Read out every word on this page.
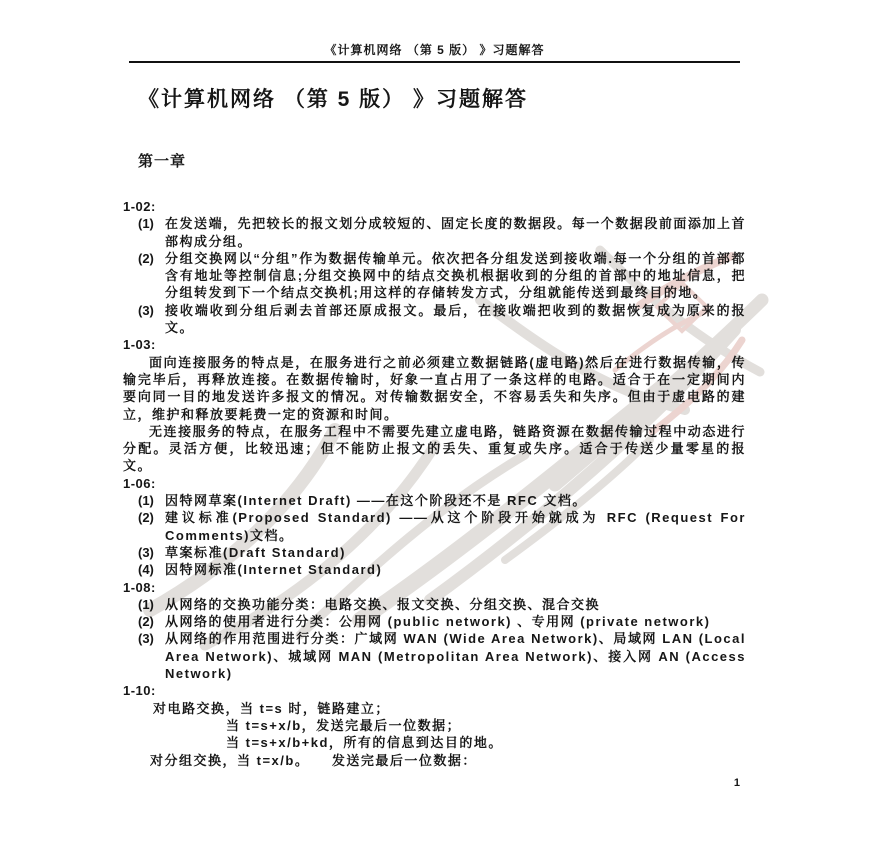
《计算机网络 （第 5 版） 》习题解答
《计算机网络 （第 5 版） 》习题解答
第一章
1-02:
(1) 在发送端，先把较长的报文划分成较短的、固定长度的数据段。每一个数据段前面添加上首部构成分组。
(2) 分组交换网以“分组”作为数据传输单元。依次把各分组发送到接收端.每一个分组的首部都含有地址等控制信息;分组交换网中的结点交换机根据收到的分组的首部中的地址信息，把分组转发到下一个结点交换机;用这样的存储转发方式，分组就能传送到最终目的地。
(3) 接收端收到分组后剥去首部还原成报文。最后，在接收端把收到的数据恢复成为原来的报文。
1-03:

面向连接服务的特点是，在服务进行之前必须建立数据链路(虚电路)然后在进行数据传输，传输完毕后，再释放连接。在数据传输时，好象一直占用了一条这样的电路。适合于在一定期间内要向同一目的地发送许多报文的情况。对传输数据安全，不容易丢失和失序。但由于虚电路的建立，维护和释放要耗费一定的资源和时间。

无连接服务的特点，在服务工程中不需要先建立虚电路，链路资源在数据传输过程中动态进行分配。灵活方便，比较迅速；但不能防止报文的丢失、重复或失序。适合于传送少量零星的报文。

1-06:
(1) 因特网草案(Internet Draft) ——在这个阶段还不是 RFC 文档。
(2) 建议标准(Proposed Standard) ——从这个阶段开始就成为 RFC (Request For Comments)文档。
(3) 草案标准(Draft Standard)
(4) 因特网标准(Internet Standard)
1-08:
(1) 从网络的交换功能分类：电路交换、报文交换、分组交换、混合交换
(2) 从网络的使用者进行分类：公用网 (public network) 、专用网 (private network)
(3) 从网络的作用范围进行分类：广域网 WAN (Wide Area Network)、局域网 LAN (Local Area Network)、城域网 MAN (Metropolitan Area Network)、接入网 AN (Access Network)
1-10:
对电路交换，当 t=s 时，链路建立；
当 t=s+x/b，发送完最后一位数据；
当 t=s+x/b+kd，所有的信息到达目的地。
对分组交换，当 t=x/b。　　发送完最后一位数据：
1
